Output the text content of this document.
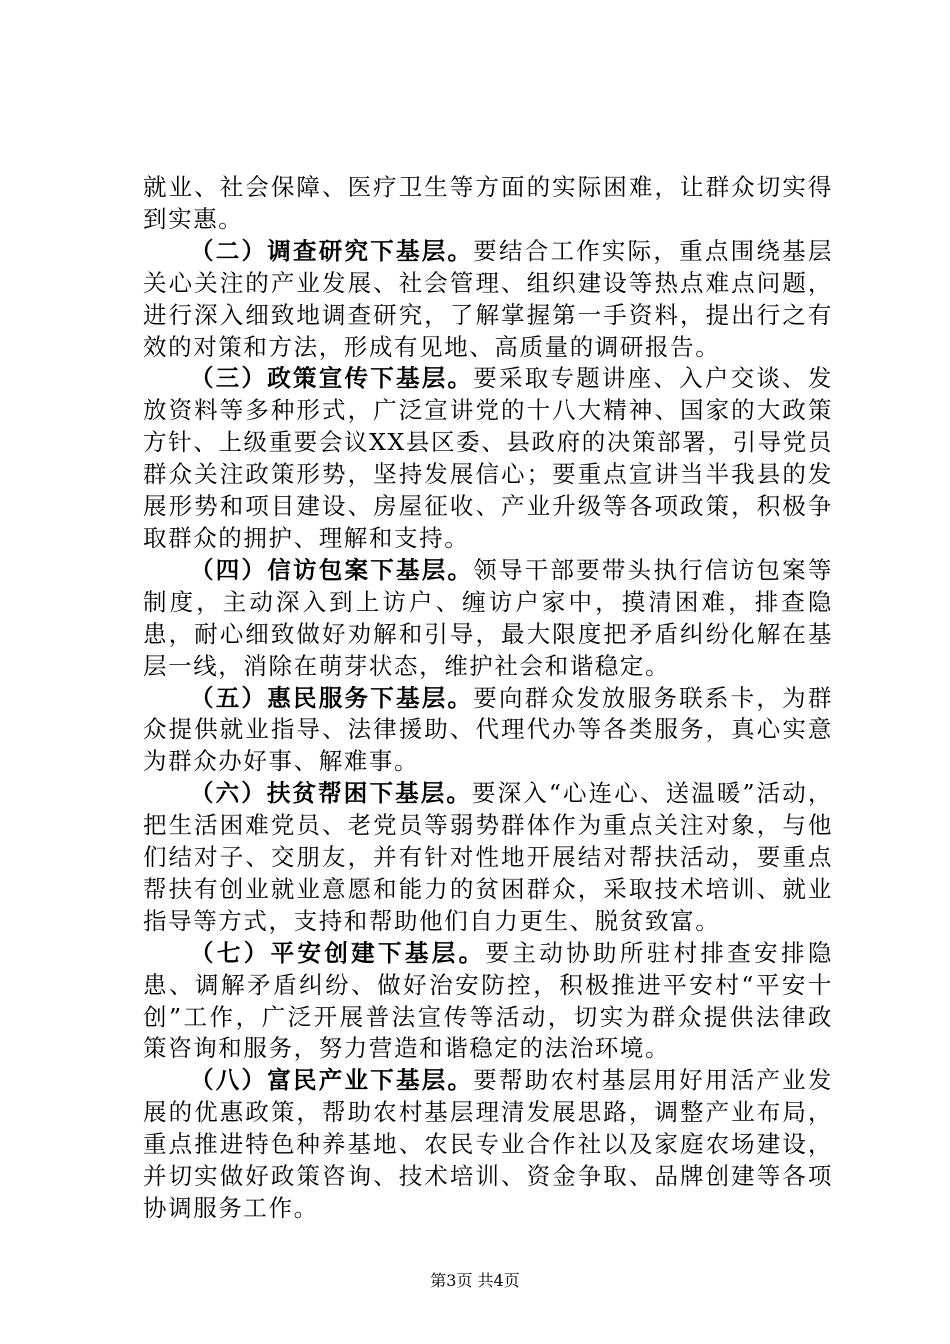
就业、社会保障、医疗卫生等方面的实际困难，让群众切实得到实惠。

（二）调查研究下基层。要结合工作实际，重点围绕基层关心关注的产业发展、社会管理、组织建设等热点难点问题，进行深入细致地调查研究，了解掌握第一手资料，提出行之有效的对策和方法，形成有见地、高质量的调研报告。

（三）政策宣传下基层。要采取专题讲座、入户交谈、发放资料等多种形式，广泛宣讲党的十八大精神、国家的大政策方针、上级重要会议XX县区委、县政府的决策部署，引导党员群众关注政策形势，坚持发展信心；要重点宣讲当半我县的发展形势和项目建设、房屋征收、产业升级等各项政策，积极争取群众的拥护、理解和支持。

（四）信访包案下基层。领导干部要带头执行信访包案等制度，主动深入到上访户、缠访户家中，摸清困难，排查隐患，耐心细致做好劝解和引导，最大限度把矛盾纠纷化解在基层一线，消除在萌芽状态，维护社会和谐稳定。

（五）惠民服务下基层。要向群众发放服务联系卡，为群众提供就业指导、法律援助、代理代办等各类服务，真心实意为群众办好事、解难事。

（六）扶贫帮困下基层。要深入“心连心、送温暖”活动，把生活困难党员、老党员等弱势群体作为重点关注对象，与他们结对子、交朋友，并有针对性地开展结对帮扶活动，要重点帮扶有创业就业意愿和能力的贫困群众，采取技术培训、就业指导等方式，支持和帮助他们自力更生、脱贫致富。

（七）平安创建下基层。要主动协助所驻村排查安排隐患、调解矛盾纠纷、做好治安防控，积极推进平安村“平安十创”工作，广泛开展普法宣传等活动，切实为群众提供法律政策咨询和服务，努力营造和谐稳定的法治环境。

（八）富民产业下基层。要帮助农村基层用好用活产业发展的优惠政策，帮助农村基层理清发展思路，调整产业布局，重点推进特色种养基地、农民专业合作社以及家庭农场建设，并切实做好政策咨询、技术培训、资金争取、品牌创建等各项协调服务工作。

第3页 共4页
